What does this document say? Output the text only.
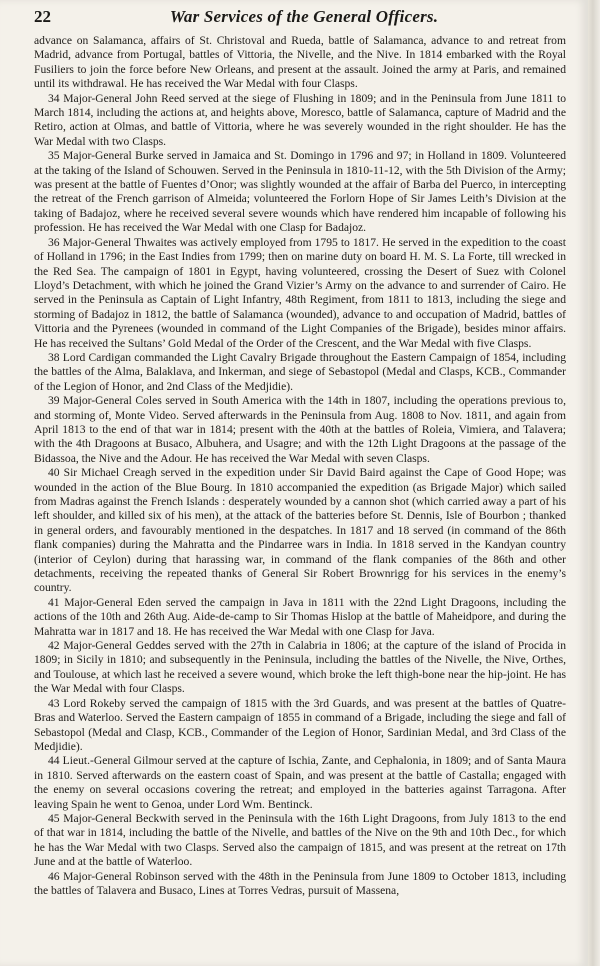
22	War Services of the General Officers.

advance on Salamanca, affairs of St. Christoval and Rueda, battle of Salamanca, advance to and retreat from Madrid, advance from Portugal, battles of Vittoria, the Nivelle, and the Nive. In 1814 embarked with the Royal Fusiliers to join the force before New Orleans, and present at the assault. Joined the army at Paris, and remained until its withdrawal. He has received the War Medal with four Clasps.

34 Major-General John Reed served at the siege of Flushing in 1809; and in the Peninsula from June 1811 to March 1814, including the actions at, and heights above, Moresco, battle of Salamanca, capture of Madrid and the Retiro, action at Olmas, and battle of Vittoria, where he was severely wounded in the right shoulder. He has the War Medal with two Clasps.

35 Major-General Burke served in Jamaica and St. Domingo in 1796 and 97; in Holland in 1809. Volunteered at the taking of the Island of Schouwen. Served in the Peninsula in 1810-11-12, with the 5th Division of the Army; was present at the battle of Fuentes d’Onor; was slightly wounded at the affair of Barba del Puerco, in intercepting the retreat of the French garrison of Almeida; volunteered the Forlorn Hope of Sir James Leith’s Division at the taking of Badajoz, where he received several severe wounds which have rendered him incapable of following his profession. He has received the War Medal with one Clasp for Badajoz.

36 Major-General Thwaites was actively employed from 1795 to 1817. He served in the expedition to the coast of Holland in 1796; in the East Indies from 1799; then on marine duty on board H. M. S. La Forte, till wrecked in the Red Sea. The campaign of 1801 in Egypt, having volunteered, crossing the Desert of Suez with Colonel Lloyd’s Detachment, with which he joined the Grand Vizier’s Army on the advance to and surrender of Cairo. He served in the Peninsula as Captain of Light Infantry, 48th Regiment, from 1811 to 1813, including the siege and storming of Badajoz in 1812, the battle of Salamanca (wounded), advance to and occupation of Madrid, battles of Vittoria and the Pyrenees (wounded in command of the Light Companies of the Brigade), besides minor affairs. He has received the Sultans’ Gold Medal of the Order of the Crescent, and the War Medal with five Clasps.

38 Lord Cardigan commanded the Light Cavalry Brigade throughout the Eastern Campaign of 1854, including the battles of the Alma, Balaklava, and Inkerman, and siege of Sebastopol (Medal and Clasps, KCB., Commander of the Legion of Honor, and 2nd Class of the Medjidie).

39 Major-General Coles served in South America with the 14th in 1807, including the operations previous to, and storming of, Monte Video. Served afterwards in the Peninsula from Aug. 1808 to Nov. 1811, and again from April 1813 to the end of that war in 1814; present with the 40th at the battles of Roleia, Vimiera, and Talavera; with the 4th Dragoons at Busaco, Albuhera, and Usagre; and with the 12th Light Dragoons at the passage of the Bidassoa, the Nive and the Adour. He has received the War Medal with seven Clasps.

40 Sir Michael Creagh served in the expedition under Sir David Baird against the Cape of Good Hope; was wounded in the action of the Blue Bourg. In 1810 accompanied the expedition (as Brigade Major) which sailed from Madras against the French Islands : desperately wounded by a cannon shot (which carried away a part of his left shoulder, and killed six of his men), at the attack of the batteries before St. Dennis, Isle of Bourbon ; thanked in general orders, and favourably mentioned in the despatches. In 1817 and 18 served (in command of the 86th flank companies) during the Mahratta and the Pindarree wars in India. In 1818 served in the Kandyan country (interior of Ceylon) during that harassing war, in command of the flank companies of the 86th and other detachments, receiving the repeated thanks of General Sir Robert Brownrigg for his services in the enemy’s country.

41 Major-General Eden served the campaign in Java in 1811 with the 22nd Light Dragoons, including the actions of the 10th and 26th Aug. Aide-de-camp to Sir Thomas Hislop at the battle of Maheidpore, and during the Mahratta war in 1817 and 18. He has received the War Medal with one Clasp for Java.

42 Major-General Geddes served with the 27th in Calabria in 1806; at the capture of the island of Procida in 1809; in Sicily in 1810; and subsequently in the Peninsula, including the battles of the Nivelle, the Nive, Orthes, and Toulouse, at which last he received a severe wound, which broke the left thigh-bone near the hip-joint. He has the War Medal with four Clasps.

43 Lord Rokeby served the campaign of 1815 with the 3rd Guards, and was present at the battles of Quatre-Bras and Waterloo. Served the Eastern campaign of 1855 in command of a Brigade, including the siege and fall of Sebastopol (Medal and Clasp, KCB., Commander of the Legion of Honor, Sardinian Medal, and 3rd Class of the Medjidie).

44 Lieut.-General Gilmour served at the capture of Ischia, Zante, and Cephalonia, in 1809; and of Santa Maura in 1810. Served afterwards on the eastern coast of Spain, and was present at the battle of Castalla; engaged with the enemy on several occasions covering the retreat; and employed in the batteries against Tarragona. After leaving Spain he went to Genoa, under Lord Wm. Bentinck.

45 Major-General Beckwith served in the Peninsula with the 16th Light Dragoons, from July 1813 to the end of that war in 1814, including the battle of the Nivelle, and battles of the Nive on the 9th and 10th Dec., for which he has the War Medal with two Clasps. Served also the campaign of 1815, and was present at the retreat on 17th June and at the battle of Waterloo.

46 Major-General Robinson served with the 48th in the Peninsula from June 1809 to October 1813, including the battles of Talavera and Busaco, Lines at Torres Vedras, pursuit of Massena,
